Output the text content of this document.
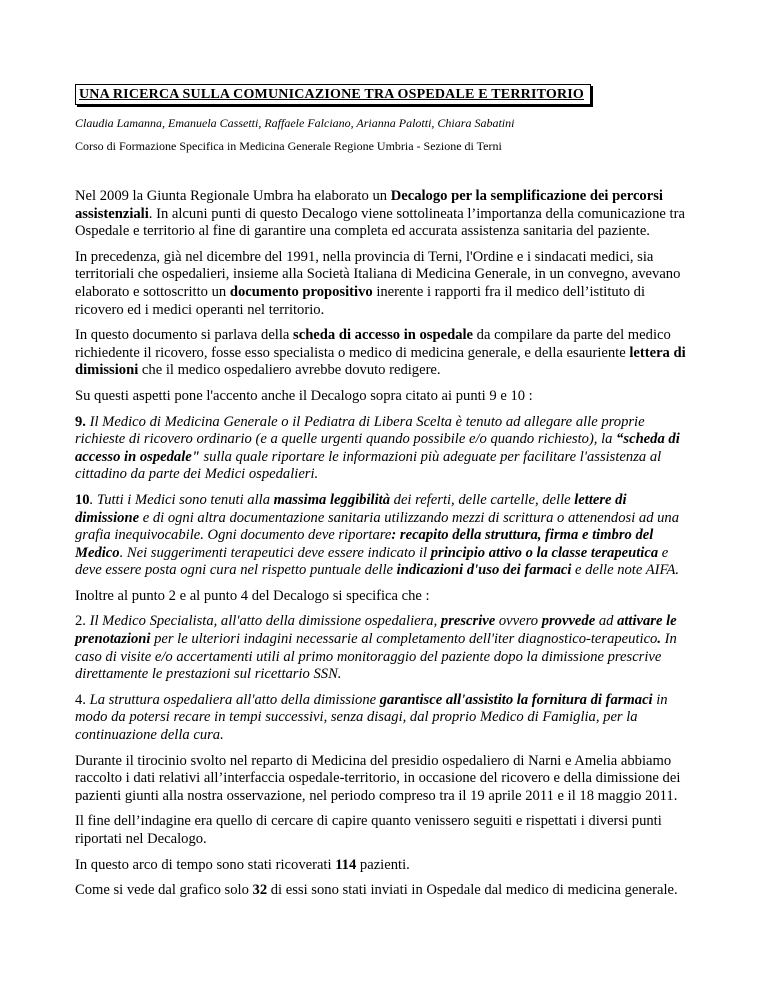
UNA RICERCA SULLA COMUNICAZIONE TRA OSPEDALE E TERRITORIO
Claudia Lamanna, Emanuela Cassetti, Raffaele Falciano, Arianna Palotti, Chiara Sabatini
Corso di Formazione Specifica in Medicina Generale Regione Umbria - Sezione di Terni

Nel 2009 la Giunta Regionale Umbra ha elaborato un Decalogo per la semplificazione dei percorsi assistenziali. In alcuni punti di questo Decalogo viene sottolineata l’importanza della comunicazione tra Ospedale e territorio al fine di garantire una completa ed accurata assistenza sanitaria del paziente.

In precedenza, già nel dicembre del 1991, nella provincia di Terni, l'Ordine e i sindacati medici, sia territoriali che ospedalieri, insieme alla Società Italiana di Medicina Generale, in un convegno, avevano elaborato e sottoscritto un documento propositivo inerente i rapporti fra il medico dell’istituto di ricovero ed i medici operanti nel territorio.

In questo documento si parlava della scheda di accesso in ospedale da compilare da parte del medico richiedente il ricovero, fosse esso specialista o medico di medicina generale, e della esauriente lettera di dimissioni che il medico ospedaliero avrebbe dovuto redigere.

Su questi aspetti pone l'accento anche il Decalogo sopra citato ai punti 9 e 10 :

9. Il Medico di Medicina Generale o il Pediatra di Libera Scelta è tenuto ad allegare alle proprie richieste di ricovero ordinario (e a quelle urgenti quando possibile e/o quando richiesto), la “scheda di accesso in ospedale" sulla quale riportare le informazioni più adeguate per facilitare l'assistenza al cittadino da parte dei Medici ospedalieri.

10. Tutti i Medici sono tenuti alla massima leggibilità dei referti, delle cartelle, delle lettere di dimissione e di ogni altra documentazione sanitaria utilizzando mezzi di scrittura o attenendosi ad una grafia inequivocabile. Ogni documento deve riportare: recapito della struttura, firma e timbro del Medico. Nei suggerimenti terapeutici deve essere indicato il principio attivo o la classe terapeutica e deve essere posta ogni cura nel rispetto puntuale delle indicazioni d'uso dei farmaci e delle note AIFA.

Inoltre al punto 2 e al punto 4 del Decalogo si specifica che :

2. Il Medico Specialista, all'atto della dimissione ospedaliera, prescrive ovvero provvede ad attivare le prenotazioni per le ulteriori indagini necessarie al completamento dell'iter diagnostico-terapeutico. In caso di visite e/o accertamenti utili al primo monitoraggio del paziente dopo la dimissione prescrive direttamente le prestazioni sul ricettario SSN.

4. La struttura ospedaliera all'atto della dimissione garantisce all'assistito la fornitura di farmaci in modo da potersi recare in tempi successivi, senza disagi, dal proprio Medico di Famiglia, per la continuazione della cura.

Durante il tirocinio svolto nel reparto di Medicina del presidio ospedaliero di Narni e Amelia abbiamo raccolto i dati relativi all’interfaccia ospedale-territorio, in occasione del ricovero e della dimissione dei pazienti giunti alla nostra osservazione, nel periodo compreso tra il 19 aprile 2011 e il 18 maggio 2011.

Il fine dell’indagine era quello di cercare di capire quanto venissero seguiti e rispettati i diversi punti riportati nel Decalogo.

In questo arco di tempo sono stati ricoverati 114 pazienti.

Come si vede dal grafico solo 32 di essi sono stati inviati in Ospedale dal medico di medicina generale.
